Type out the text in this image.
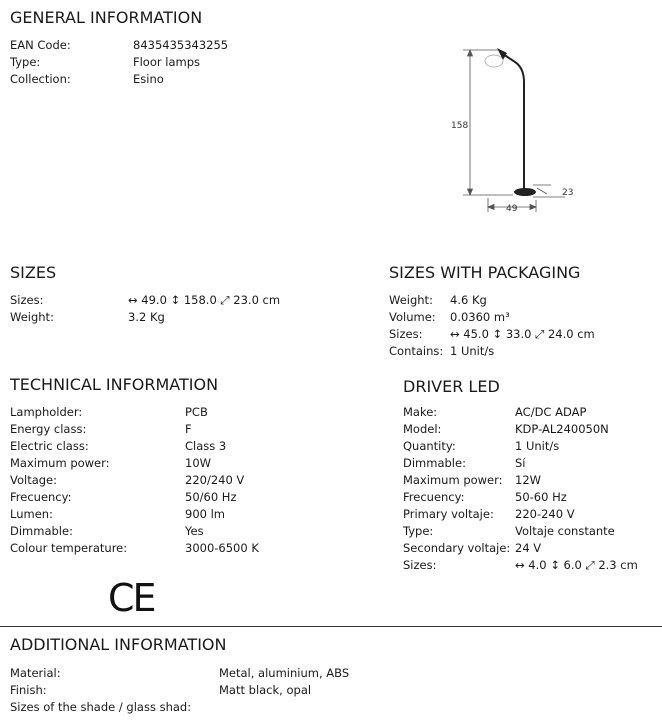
GENERAL INFORMATION
EAN Code:	8435435343255
Type:	Floor lamps
Collection:	Esino
158
49
23
SIZES
Sizes:	↔ 49.0 ↕ 158.0 ⤢ 23.0 cm
Weight:	3.2 Kg
SIZES WITH PACKAGING
Weight: 4.6 Kg
Volume: 0.0360 m³
Sizes: ↔ 45.0 ↕ 33.0 ⤢ 24.0 cm
Contains: 1 Unit/s
TECHNICAL INFORMATION
Lampholder:	PCB
Energy class:	F
Electric class:	Class 3
Maximum power:	10W
Voltage:	220/240 V
Frecuency:	50/60 Hz
Lumen:	900 lm
Dimmable:	Yes
Colour temperature:	3000-6500 K
CE
DRIVER LED
Make:	AC/DC ADAP
Model:	KDP-AL240050N
Quantity:	1 Unit/s
Dimmable:	Sí
Maximum power: 12W
Frecuency:	50-60 Hz
Primary voltaje: 220-240 V
Type:	Voltaje constante
Secondary voltaje: 24 V
Sizes:	↔ 4.0 ↕ 6.0 ⤢ 2.3 cm
ADDITIONAL INFORMATION
Material:	Metal, aluminium, ABS
Finish:	Matt black, opal
Sizes of the shade / glass shad:
